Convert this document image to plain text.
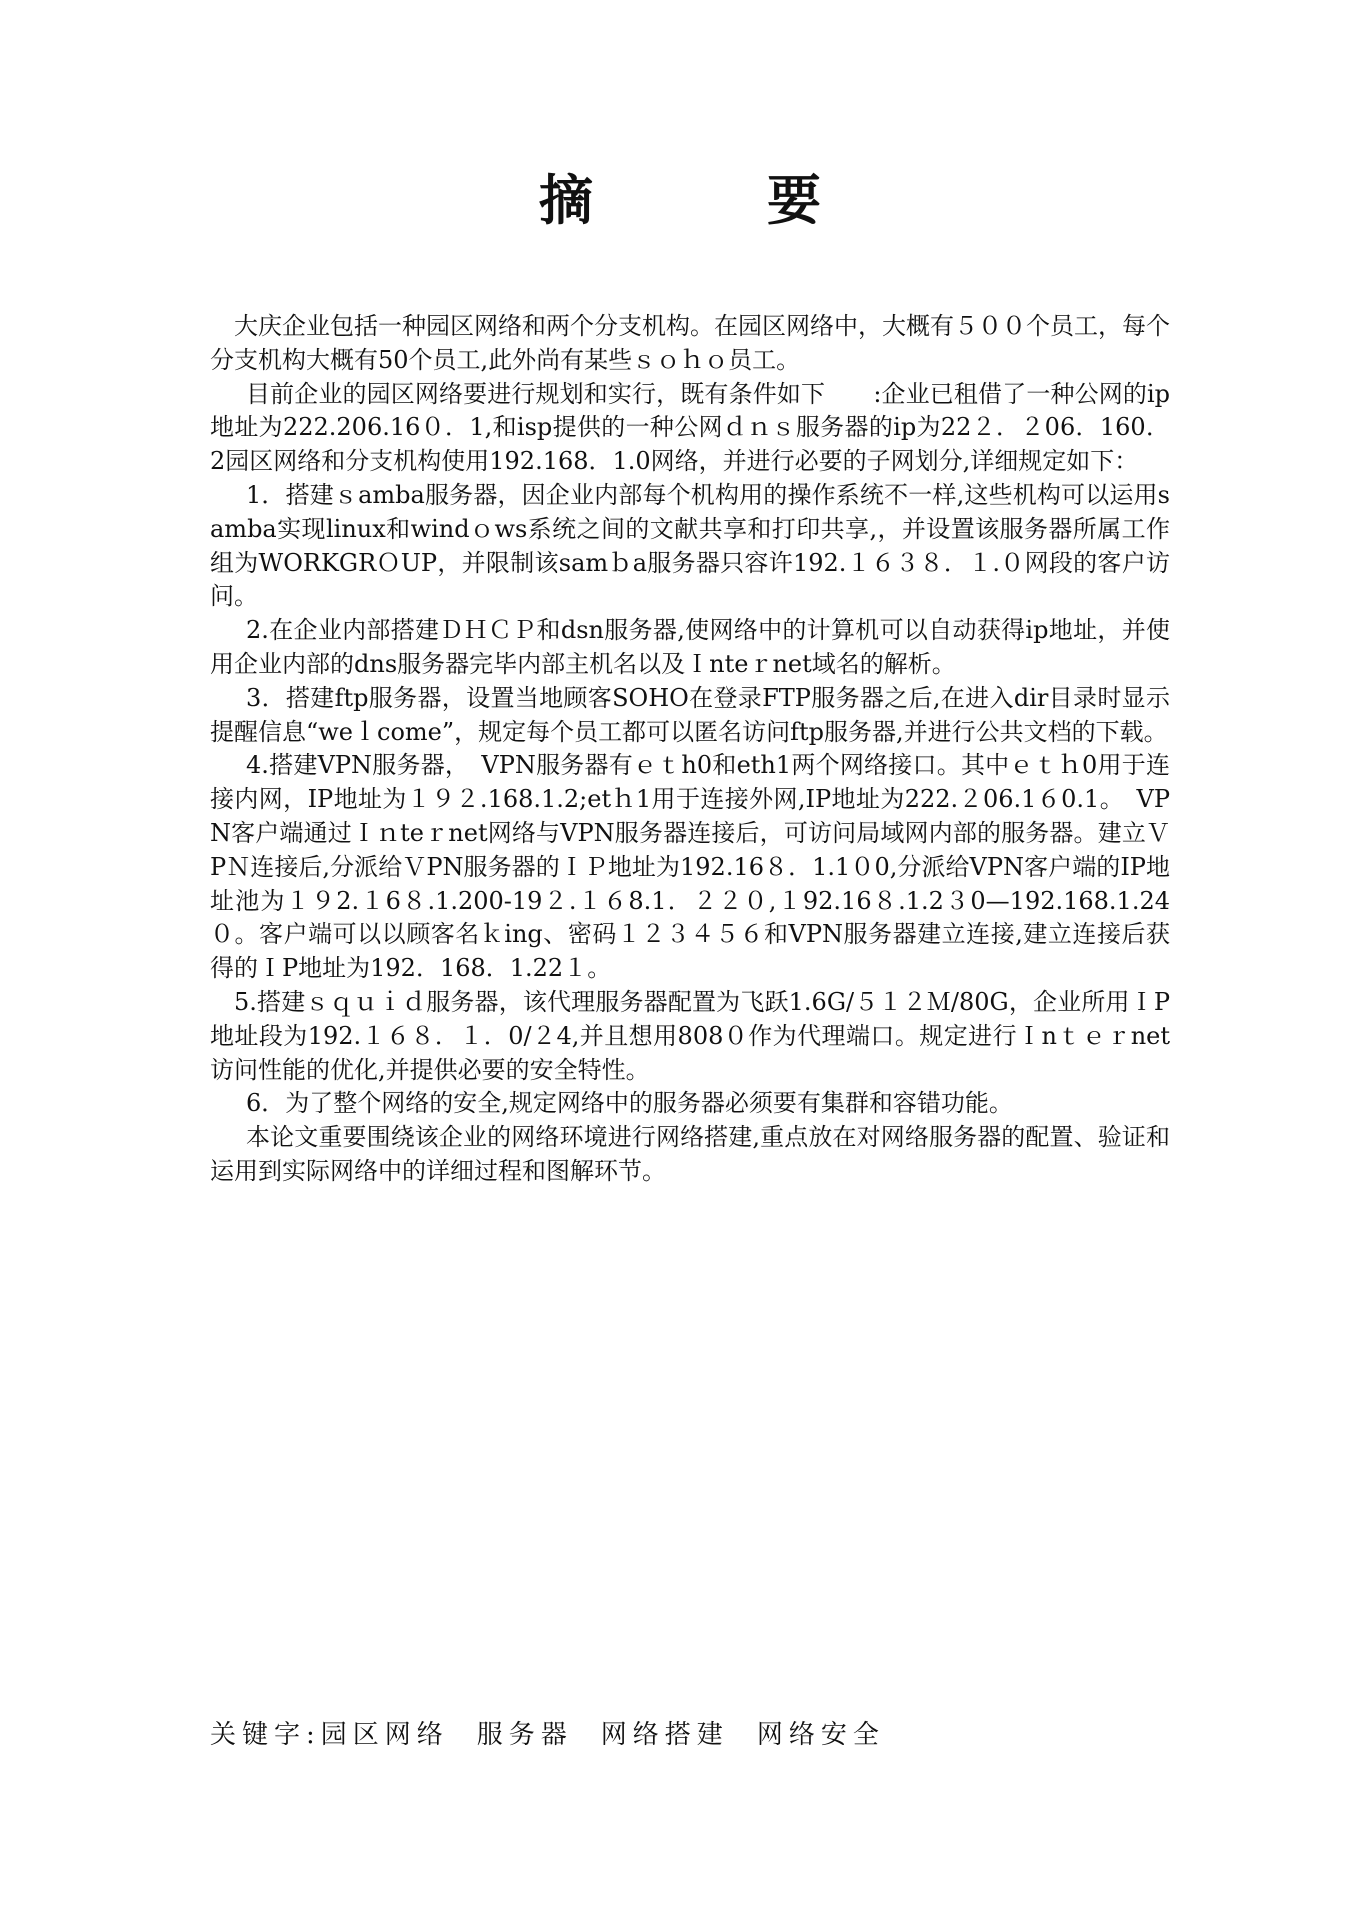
摘　要

大庆企业包括一种园区网络和两个分支机构。在园区网络中，大概有５００个员工，每个分支机构大概有50个员工,此外尚有某些ｓｏｈｏ员工。

目前企业的园区网络要进行规划和实行，既有条件如下　　:企业已租借了一种公网的ip地址为222.206.16０．1,和isp提供的一种公网ｄｎｓ服务器的ip为22２．２06．160．2园区网络和分支机构使用192.168．1.0网络，并进行必要的子网划分,详细规定如下：

1．搭建ｓamba服务器，因企业内部每个机构用的操作系统不一样,这些机构可以运用samba实现linux和windｏws系统之间的文献共享和打印共享,，并设置该服务器所属工作组为WORKGRＯUP，并限制该samｂa服务器只容许192.１６３８．１.０网段的客户访问。

2.在企业内部搭建ＤＨＣＰ和dsn服务器,使网络中的计算机可以自动获得ip地址，并使用企业内部的dns服务器完毕内部主机名以及Ｉnteｒnet域名的解析。

3．搭建ftp服务器，设置当地顾客SOHO在登录FTP服务器之后,在进入dir目录时显示提醒信息“weｌcome”，规定每个员工都可以匿名访问ftp服务器,并进行公共文档的下载。

4.搭建VPN服务器，　VPN服务器有ｅｔh0和eth1两个网络接口。其中ｅｔｈ0用于连接内网，IP地址为１９２.168.1.2;etｈ1用于连接外网,IP地址为222.２06.1６0.1。　VPN客户端通过Ｉｎteｒnet网络与VPN服务器连接后，可访问局域网内部的服务器。建立ＶPＮ连接后,分派给ＶPN服务器的ＩＰ地址为192.16８．1.1０0,分派给VPN客户端的IP地址池为１９2.１6８.1.200-19２.１６8.1．２２０,１92.16８.1.2３0—192.168.1.24０。客户端可以以顾客名ｋing、密码１２３４５６和VPN服务器建立连接,建立连接后获得的ＩP地址为192．168．1.22１。

5.搭建ｓｑｕｉｄ服务器，该代理服务器配置为飞跃1.6G/５１２Ｍ/80G，企业所用ＩP地址段为192.１６８．１．0/２4,并且想用808０作为代理端口。规定进行Ｉnｔｅｒnet访问性能的优化,并提供必要的安全特性。

6．为了整个网络的安全,规定网络中的服务器必须要有集群和容错功能。

本论文重要围绕该企业的网络环境进行网络搭建,重点放在对网络服务器的配置、验证和运用到实际网络中的详细过程和图解环节。

关键字:园区网络 服务器 网络搭建 网络安全
